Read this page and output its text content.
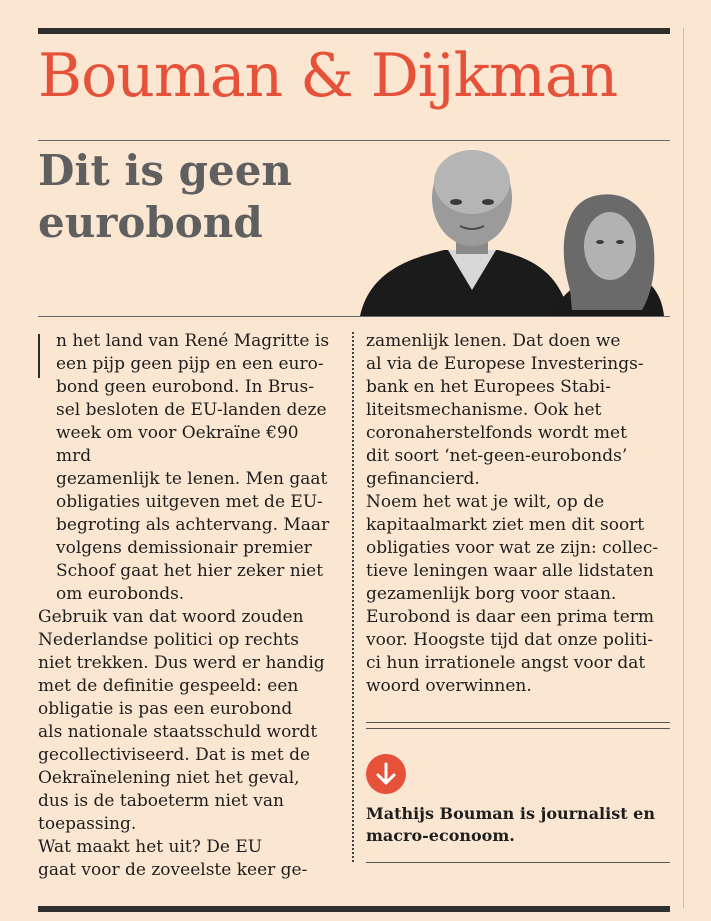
Bouman & Dijkman
Dit is geen
eurobond

n het land van René Magritte is
een pijp geen pijp en een euro-
bond geen eurobond. In Brus-
sel besloten de EU-landen deze
week om voor Oekraïne €90 mrd
gezamenlijk te lenen. Men gaat
obligaties uitgeven met de EU-
begroting als achtervang. Maar
volgens demissionair premier
Schoof gaat het hier zeker niet
om eurobonds.

Gebruik van dat woord zouden
Nederlandse politici op rechts
niet trekken. Dus werd er handig
met de definitie gespeeld: een
obligatie is pas een eurobond
als nationale staatsschuld wordt
gecollectiviseerd. Dat is met de
Oekraïnelening niet het geval,
dus is de taboeterm niet van
toepassing.

Wat maakt het uit? De EU
gaat voor de zoveelste keer ge-

zamenlijk lenen. Dat doen we
al via de Europese Investerings-
bank en het Europees Stabi-
liteitsmechanisme. Ook het
coronaherstelfonds wordt met
dit soort ‘net-geen-eurobonds’
gefinancierd.

Noem het wat je wilt, op de
kapitaalmarkt ziet men dit soort
obligaties voor wat ze zijn: collec-
tieve leningen waar alle lidstaten
gezamenlijk borg voor staan.
Eurobond is daar een prima term
voor. Hoogste tijd dat onze politi-
ci hun irrationele angst voor dat
woord overwinnen.

Mathijs Bouman is journalist en
macro-econoom.
